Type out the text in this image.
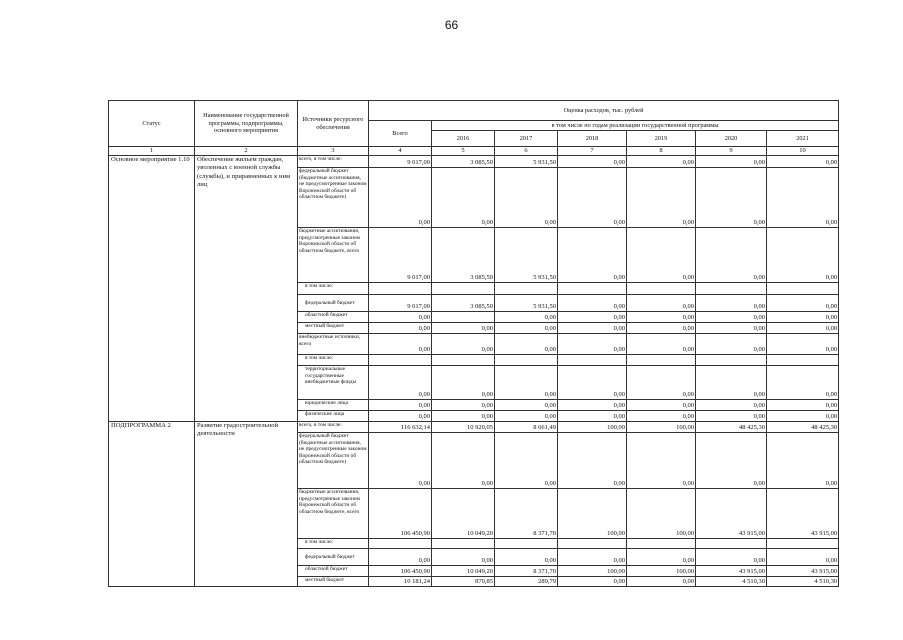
66
Статус	Наименование государственной программы, подпрограммы, основного мероприятия	Источники ресурсного обеспечения	Оценка расходов, тыс. рублей						
			Всего	в том числе по годам реализации государственной программы					
				2016	2017	2018	2019	2020	2021
1	2	3	4	5	6	7	8	9	10
Основное мероприятие 1.10	Обеспечение жильем граждан, уволенных с военной службы (службы), и приравненных к ним лиц	всего, в том числе:	9 017,00	3 085,50	5 931,50	0,00	0,00	0,00	0,00
		федеральный бюджет (бюджетные ассигнования, не предусмотренные законом Воронежской области об областном бюджете)	0,00	0,00	0,00	0,00	0,00	0,00	0,00
		бюджетные ассигнования, предусмотренные законом Воронежской области об областном бюджете, всего	9 017,00	3 085,50	5 931,50	0,00	0,00	0,00	0,00
		в том числе:							
		федеральный бюджет	9 017,00	3 085,50	5 931,50	0,00	0,00	0,00	0,00
		областной бюджет	0,00		0,00	0,00	0,00	0,00	0,00
		местный бюджет	0,00	0,00	0,00	0,00	0,00	0,00	0,00
		внебюджетные источники, всего	0,00	0,00	0,00	0,00	0,00	0,00	0,00
		в том числе:							
		территориальные государственные внебюджетные фонды	0,00	0,00	0,00	0,00	0,00	0,00	0,00
		юридические лица	0,00	0,00	0,00	0,00	0,00	0,00	0,00
		физические лица	0,00	0,00	0,00	0,00	0,00	0,00	0,00
ПОДПРОГРАММА 2	Развитие градостроительной деятельности	всего, в том числе:	116 632,14	10 920,05	8 661,49	100,00	100,00	48 425,30	48 425,30
		федеральный бюджет (бюджетные ассигнования, не предусмотренные законом Воронежской области об областном бюджете)	0,00	0,00	0,00	0,00	0,00	0,00	0,00
		бюджетные ассигнования, предусмотренные законом Воронежской области об областном бюджете, всего	106 450,90	10 049,20	8 371,70	100,00	100,00	43 915,00	43 915,00
		в том числе:							
		федеральный бюджет	0,00	0,00	0,00	0,00	0,00	0,00	0,00
		областной бюджет	106 450,90	10 049,20	8 371,70	100,00	100,00	43 915,00	43 915,00
		местный бюджет	10 181,24	870,85	289,79	0,00	0,00	4 510,30	4 510,30
